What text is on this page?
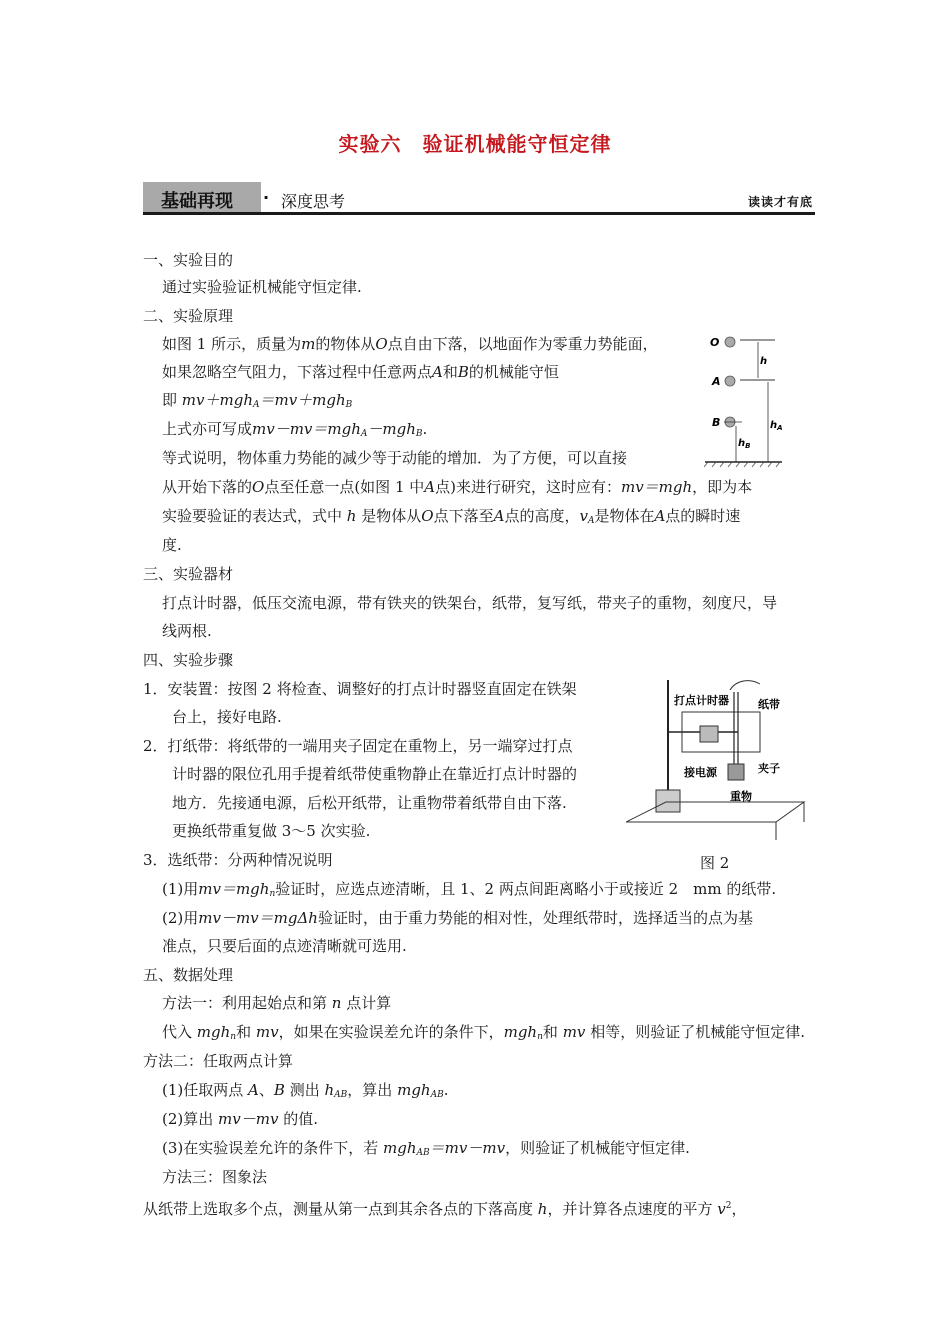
实验六　验证机械能守恒定律
基础再现 · 深度思考	读读才有底
一、实验目的
通过实验验证机械能守恒定律.
二、实验原理
如图 1 所示，质量为m的物体从O点自由下落，以地面作为零重力势能面，
如果忽略空气阻力，下落过程中任意两点A和B的机械能守恒
即 mv＋mgh$_A$＝mv＋mgh$_B$
上式亦可写成mv－mv＝mgh$_A$－mgh$_B$.
等式说明，物体重力势能的减少等于动能的增加．为了方便，可以直接
从开始下落的O点至任意一点(如图 1 中A点)来进行研究，这时应有：mv＝mgh，即为本
实验要验证的表达式，式中 h 是物体从O点下落至A点的高度，$v_A$是物体在A点的瞬时速
度.
O
h
A
$h_A$
B
$h_B$
三、实验器材
打点计时器，低压交流电源，带有铁夹的铁架台，纸带，复写纸，带夹子的重物，刻度尺，导
线两根.
四、实验步骤
1．安装置：按图 2 将检查、调整好的打点计时器竖直固定在铁架
台上，接好电路.
2．打纸带：将纸带的一端用夹子固定在重物上，另一端穿过打点
计时器的限位孔用手提着纸带使重物静止在靠近打点计时器的
地方．先接通电源，后松开纸带，让重物带着纸带自由下落.
更换纸带重复做 3～5 次实验.
3．选纸带：分两种情况说明
打点计时器	纸带
接电源	夹子
重物
图 2
(1)用mv＝mgh$_n$验证时，应选点迹清晰，且 1、2 两点间距离略小于或接近 2　mm 的纸带.
(2)用mv－mv＝mgΔh验证时，由于重力势能的相对性，处理纸带时，选择适当的点为基
准点，只要后面的点迹清晰就可选用.
五、数据处理
方法一：利用起始点和第 n 点计算
代入 mgh$_n$和 mv，如果在实验误差允许的条件下，mgh$_n$和 mv 相等，则验证了机械能守恒定律.
方法二：任取两点计算
(1)任取两点 A、B 测出 $h_{AB}$，算出 mgh$_{AB}$.
(2)算出 mv－mv 的值.
(3)在实验误差允许的条件下，若 mgh$_{AB}$＝mv－mv，则验证了机械能守恒定律.
方法三：图象法
从纸带上选取多个点，测量从第一点到其余各点的下落高度 h，并计算各点速度的平方 $v^2$，
